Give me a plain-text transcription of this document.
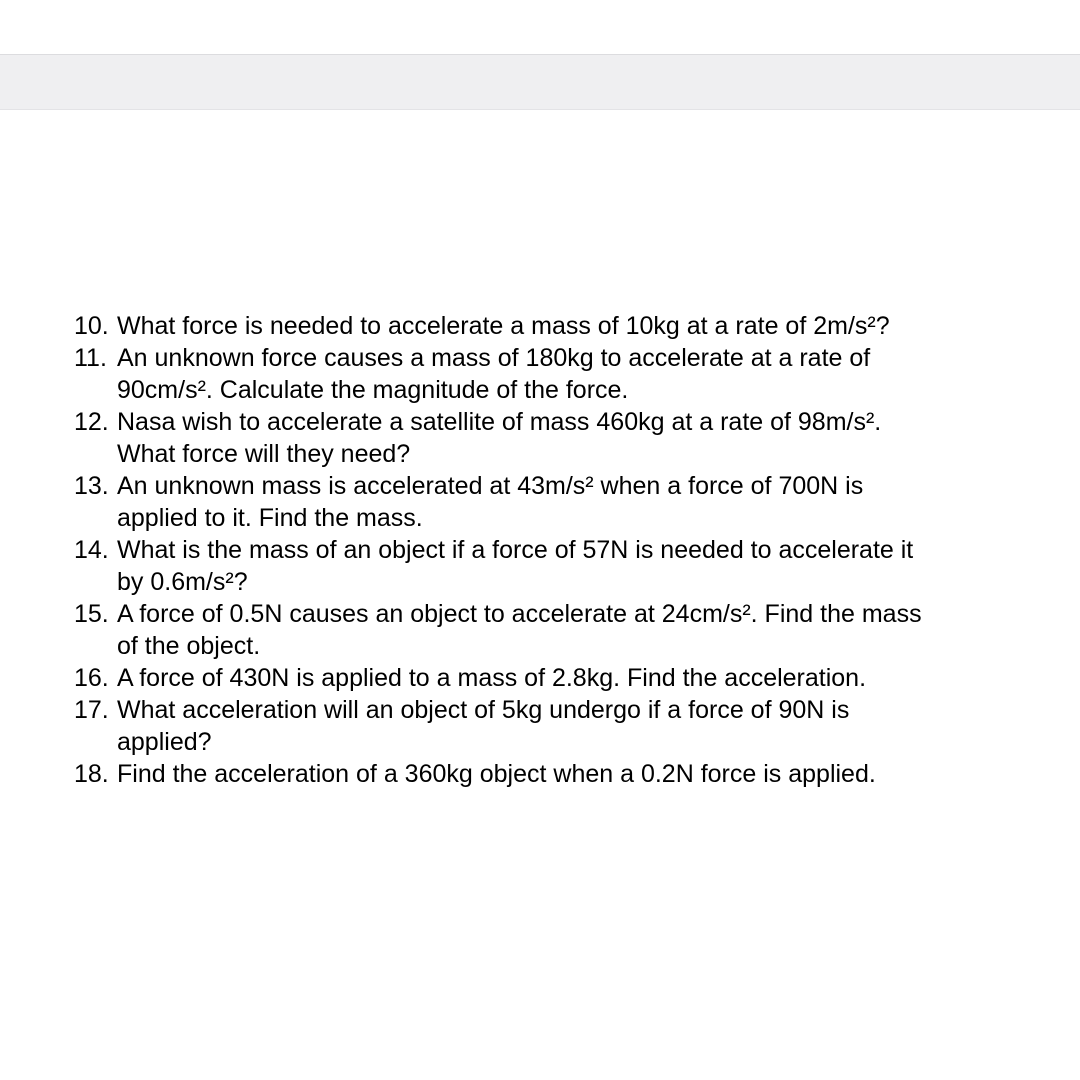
10. What force is needed to accelerate a mass of 10kg at a rate of 2m/s²?
11. An unknown force causes a mass of 180kg to accelerate at a rate of
90cm/s². Calculate the magnitude of the force.
12. Nasa wish to accelerate a satellite of mass 460kg at a rate of 98m/s².
What force will they need?
13. An unknown mass is accelerated at 43m/s² when a force of 700N is
applied to it. Find the mass.
14. What is the mass of an object if a force of 57N is needed to accelerate it
by 0.6m/s²?
15. A force of 0.5N causes an object to accelerate at 24cm/s². Find the mass
of the object.
16. A force of 430N is applied to a mass of 2.8kg. Find the acceleration.
17. What acceleration will an object of 5kg undergo if a force of 90N is
applied?
18. Find the acceleration of a 360kg object when a 0.2N force is applied.
